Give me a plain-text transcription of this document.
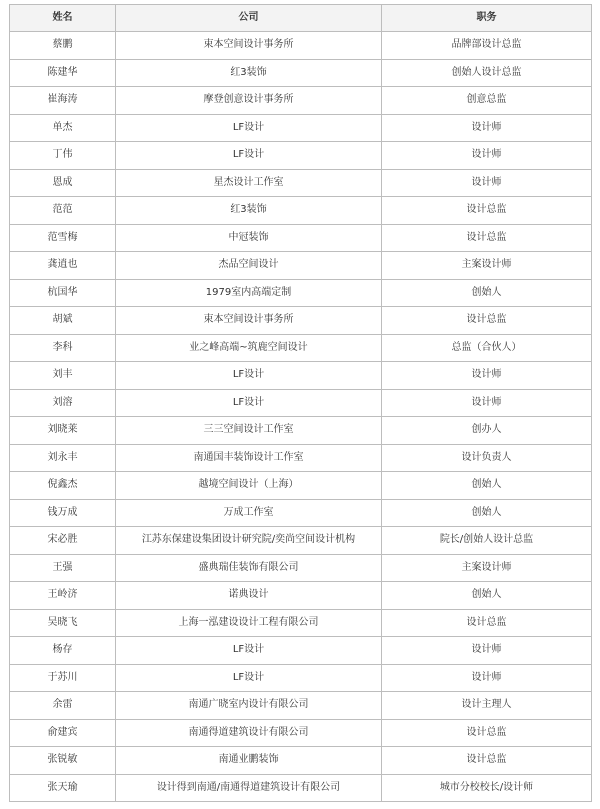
姓名	公司	职务
蔡鹏	束本空间设计事务所	品牌部设计总监
陈建华	红3装饰	创始人设计总监
崔海涛	摩登创意设计事务所	创意总监
单杰	LF设计	设计师
丁伟	LF设计	设计师
恩成	星杰设计工作室	设计师
范范	红3装饰	设计总监
范雪梅	中冠装饰	设计总监
龚逍也	杰品空间设计	主案设计师
杭国华	1979室内高端定制	创始人
胡斌	束本空间设计事务所	设计总监
李科	业之峰高端~筑鹿空间设计	总监（合伙人）
刘丰	LF设计	设计师
刘溶	LF设计	设计师
刘晓莱	三三空间设计工作室	创办人
刘永丰	南通国丰装饰设计工作室	设计负责人
倪鑫杰	越境空间设计（上海）	创始人
钱万成	万成工作室	创始人
宋必胜	江苏东保建设集团设计研究院/奕尚空间设计机构	院长/创始人设计总监
王强	盛典瑞佳装饰有限公司	主案设计师
王岭济	诺典设计	创始人
吴晓飞	上海一泓建设设计工程有限公司	设计总监
杨存	LF设计	设计师
于苏川	LF设计	设计师
余雷	南通广晓室内设计有限公司	设计主理人
俞建宾	南通得道建筑设计有限公司	设计总监
张锐敏	南通业鹏装饰	设计总监
张天瑜	设计得到南通/南通得道建筑设计有限公司	城市分校校长/设计师
